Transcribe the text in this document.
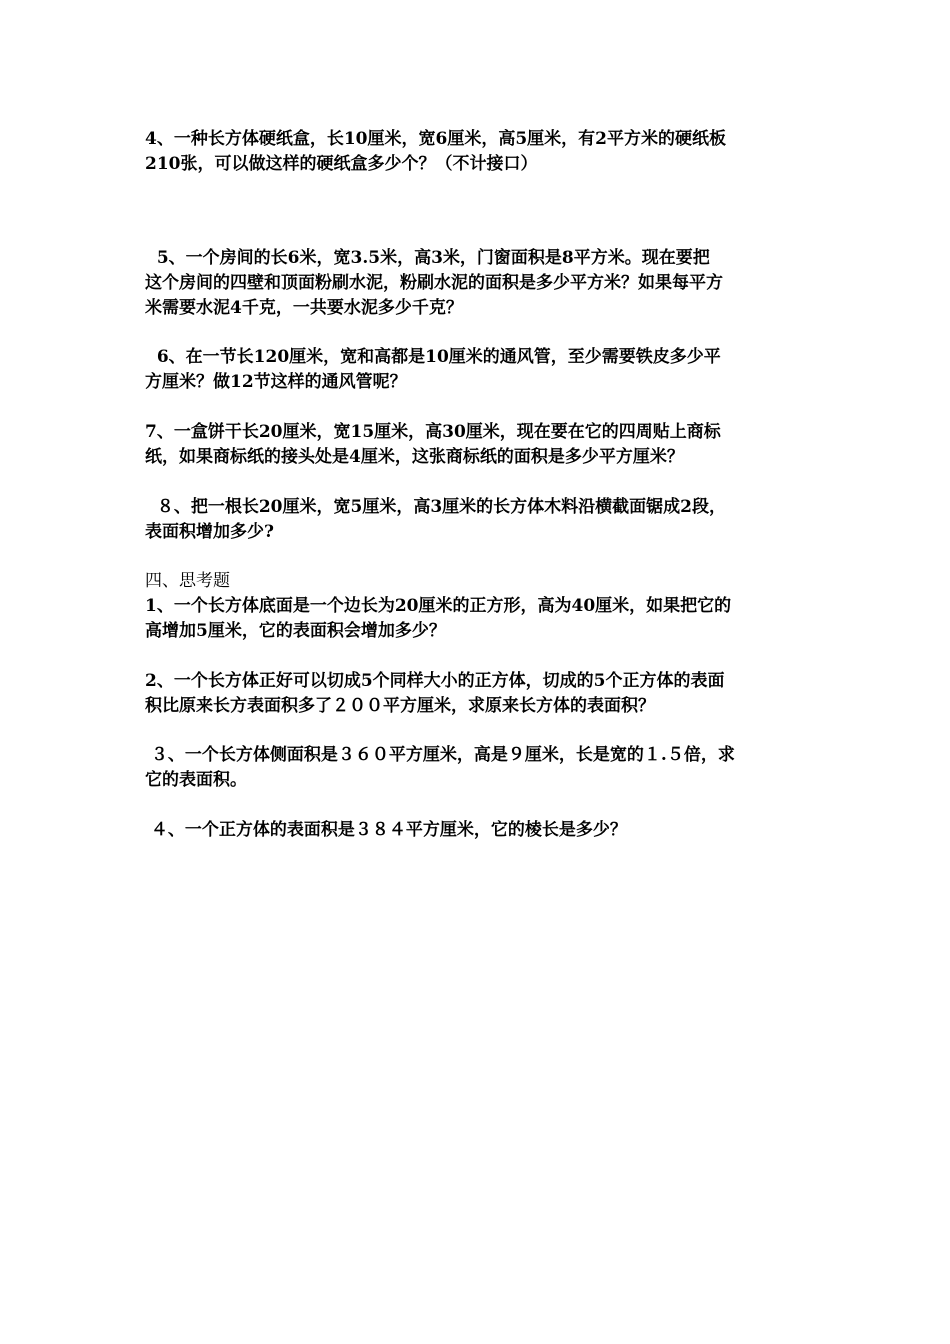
4、一种长方体硬纸盒，长10厘米，宽6厘米，高5厘米，有2平方米的硬纸板
210张，可以做这样的硬纸盒多少个？（不计接口）
5、一个房间的长6米，宽3.5米，高3米，门窗面积是8平方米。现在要把
这个房间的四壁和顶面粉刷水泥，粉刷水泥的面积是多少平方米？如果每平方
米需要水泥4千克，一共要水泥多少千克？
6、在一节长120厘米，宽和高都是10厘米的通风管，至少需要铁皮多少平
方厘米？做12节这样的通风管呢？
7、一盒饼干长20厘米，宽15厘米，高30厘米，现在要在它的四周贴上商标
纸，如果商标纸的接头处是4厘米，这张商标纸的面积是多少平方厘米？
８、把一根长20厘米，宽5厘米，高3厘米的长方体木料沿横截面锯成2段，
表面积增加多少?
四、思考题
1、一个长方体底面是一个边长为20厘米的正方形，高为40厘米，如果把它的
高增加5厘米，它的表面积会增加多少？
2、一个长方体正好可以切成5个同样大小的正方体，切成的5个正方体的表面
积比原来长方表面积多了２００平方厘米，求原来长方体的表面积？
３、一个长方体侧面积是３６０平方厘米，高是９厘米，长是宽的１.５倍，求
它的表面积。
４、一个正方体的表面积是３８４平方厘米，它的棱长是多少？
